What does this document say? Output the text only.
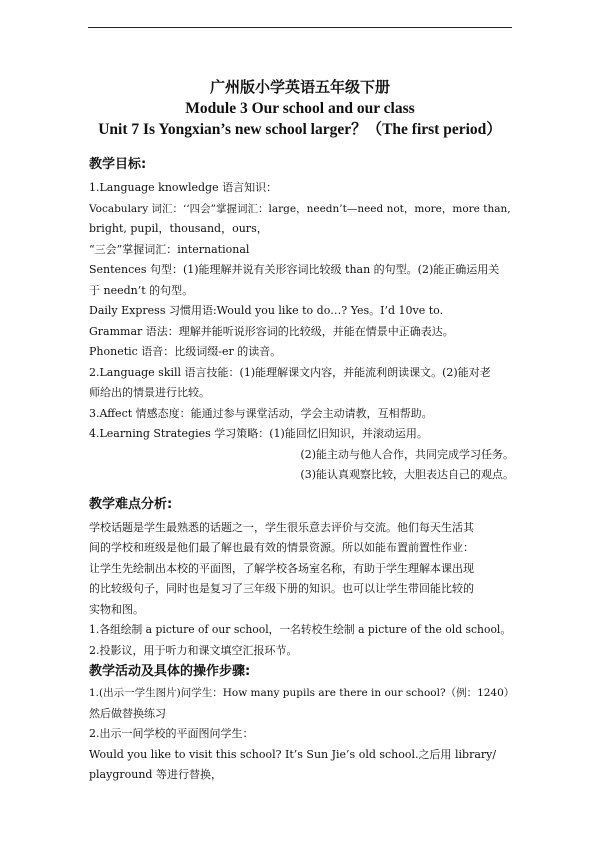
广州版小学英语五年级下册
Module 3 Our school and our class
Unit 7 Is Yongxian’s new school larger？（The first period）
教学目标:
1.Language knowledge 语言知识：
Vocabulary 词汇：‘‘四会”掌握词汇：large，needn’t—need not，more，more than,
bright, pupil，thousand，ours，
“三会”掌握词汇：international
Sentences 句型：(1)能理解并说有关形容词比较级 than 的句型。(2)能正确运用关
于 needn’t 的句型。
Daily Express 习惯用语:Would you like to do…? Yes。I’d 10ve to.
Grammar 语法：理解并能听说形容词的比较级，并能在情景中正确表达。
Phonetic 语音：比级词缀-er 的读音。
2.Language skill 语言技能：(1)能理解课文内容，并能流利朗读课文。(2)能对老
师给出的情景进行比较。
3.Affect 情感态度：能通过参与课堂活动，学会主动请教，互相帮助。
4.Learning Strategies 学习策略：(1)能回忆旧知识，并滚动运用。
(2)能主动与他人合作，共同完成学习任务。
(3)能认真观察比较，大胆表达自己的观点。
教学难点分析:
学校话题是学生最熟悉的话题之一，学生很乐意去评价与交流。他们每天生活其
间的学校和班级是他们最了解也最有效的情景资源。所以如能布置前置性作业：
让学生先绘制出本校的平面图，了解学校各场室名称，有助于学生理解本课出现
的比较级句子，同时也是复习了三年级下册的知识。也可以让学生带回能比较的
实物和图。
1.各组绘制 a picture of our school，一名转校生绘制 a picture of the old school。
2.投影议，用于听力和课文填空汇报环节。
教学活动及具体的操作步骤:
1.(出示一学生图片)问学生：How many pupils are there in our school?（例：1240）
然后做替换练习
2.出示一间学校的平面图问学生：
Would you like to visit this school? It’s Sun Jie’s old school.之后用 library/
playground 等进行替换，
